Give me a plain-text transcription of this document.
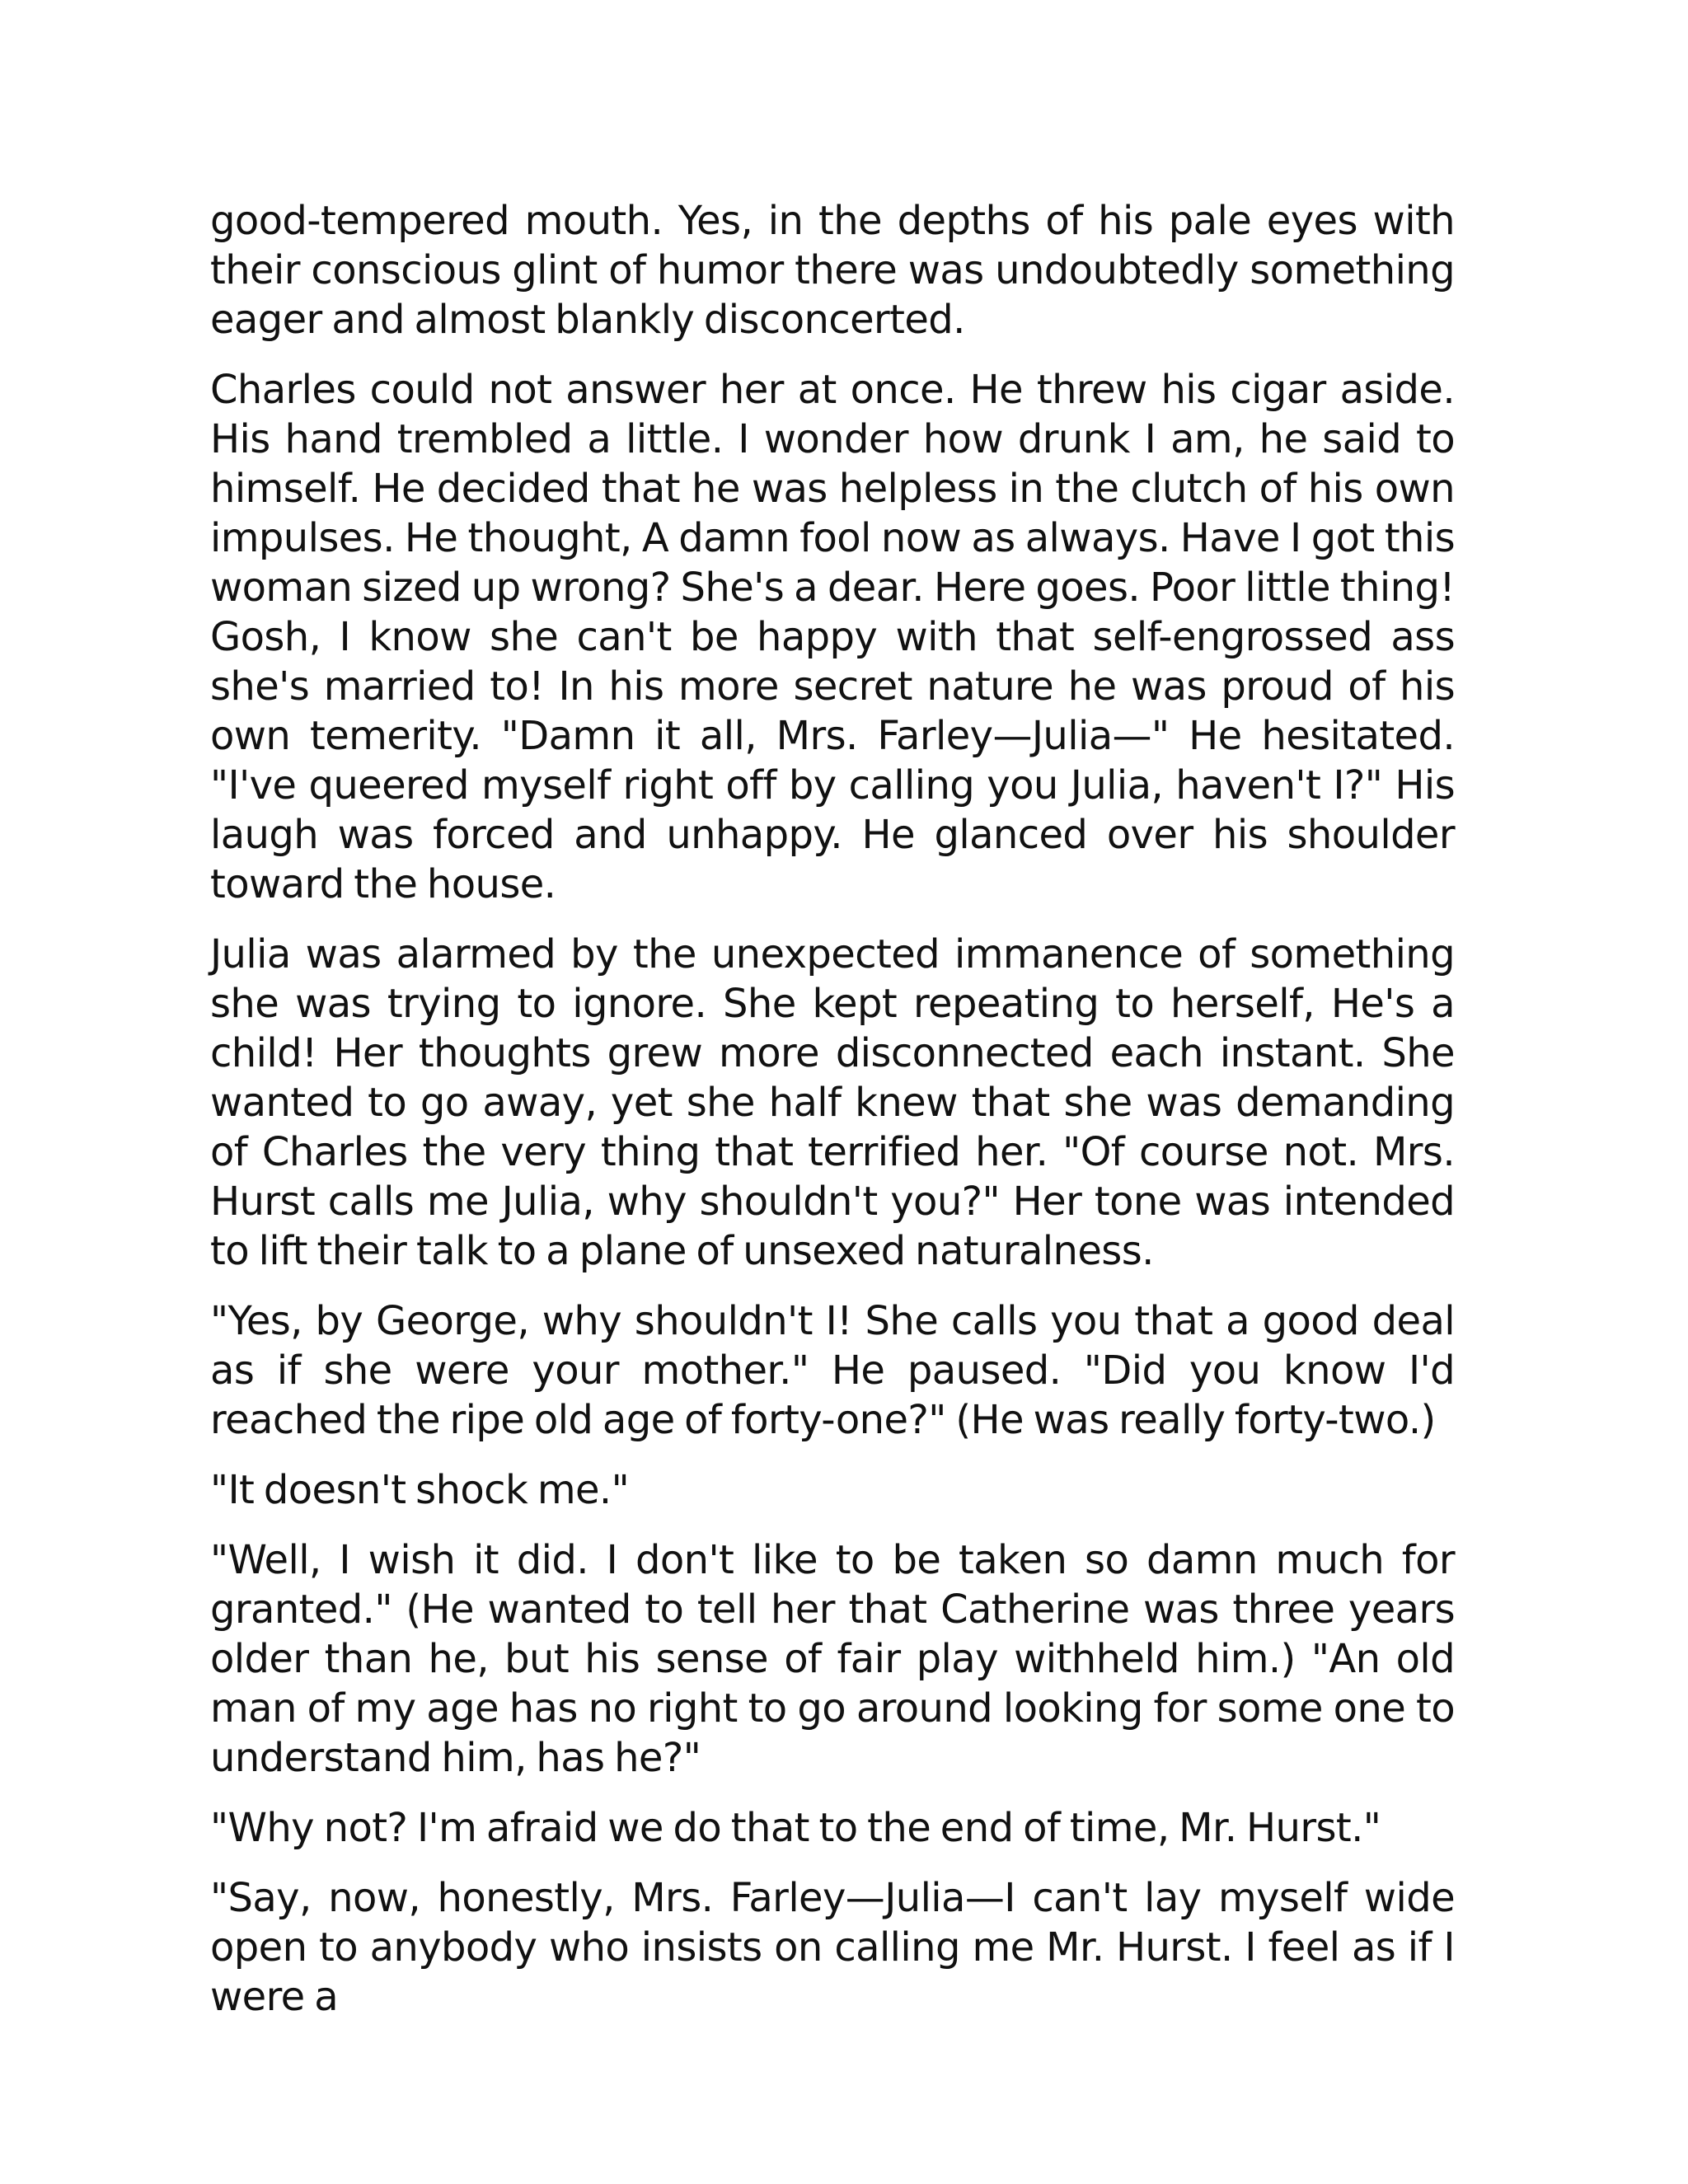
good-tempered mouth. Yes, in the depths of his pale eyes with their conscious glint of humor there was undoubtedly something eager and almost blankly disconcerted.

Charles could not answer her at once. He threw his cigar aside. His hand trembled a little. I wonder how drunk I am, he said to himself. He decided that he was helpless in the clutch of his own impulses. He thought, A damn fool now as always. Have I got this woman sized up wrong? She's a dear. Here goes. Poor little thing! Gosh, I know she can't be happy with that self-engrossed ass she's married to! In his more secret nature he was proud of his own temerity. "Damn it all, Mrs. Farley—Julia—" He hesitated. "I've queered myself right off by calling you Julia, haven't I?" His laugh was forced and unhappy. He glanced over his shoulder toward the house.

Julia was alarmed by the unexpected immanence of something she was trying to ignore. She kept repeating to herself, He's a child! Her thoughts grew more disconnected each instant. She wanted to go away, yet she half knew that she was demanding of Charles the very thing that terrified her. "Of course not. Mrs. Hurst calls me Julia, why shouldn't you?" Her tone was intended to lift their talk to a plane of unsexed naturalness.

"Yes, by George, why shouldn't I! She calls you that a good deal as if she were your mother." He paused. "Did you know I'd reached the ripe old age of forty-one?" (He was really forty-two.)

"It doesn't shock me."

"Well, I wish it did. I don't like to be taken so damn much for granted." (He wanted to tell her that Catherine was three years older than he, but his sense of fair play withheld him.) "An old man of my age has no right to go around looking for some one to understand him, has he?"

"Why not? I'm afraid we do that to the end of time, Mr. Hurst."

"Say, now, honestly, Mrs. Farley—Julia—I can't lay myself wide open to anybody who insists on calling me Mr. Hurst. I feel as if I were a
